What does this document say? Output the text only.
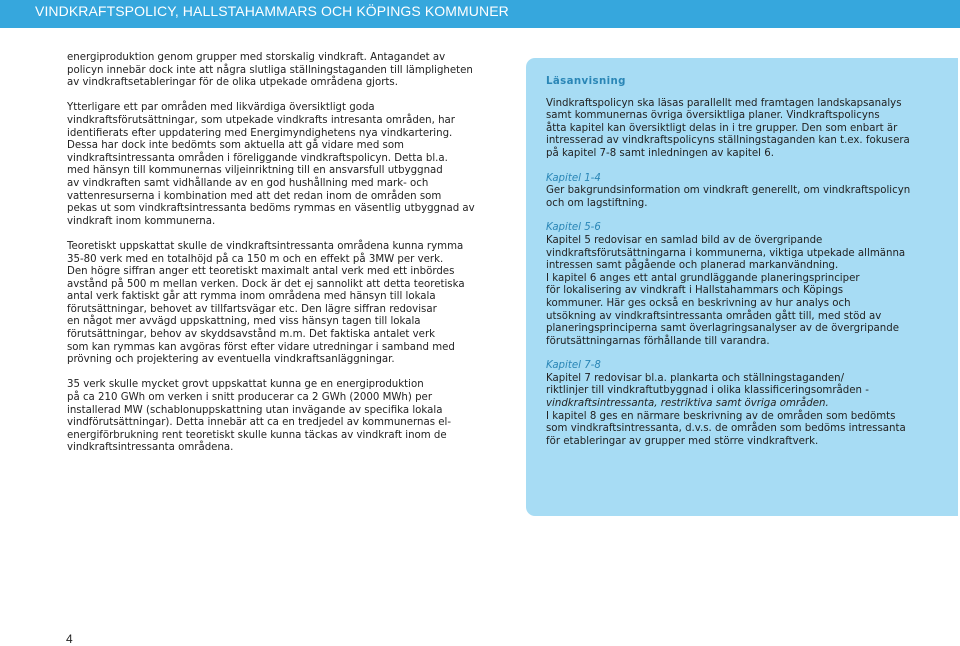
VINDKRAFTSPOLICY, HALLSTAHAMMARS OCH KÖPINGS KOMMUNER

energiproduktion genom grupper med storskalig vindkraft. Antagandet av
policyn innebär dock inte att några slutliga ställningstaganden till lämpligheten
av vindkraftsetableringar för de olika utpekade områdena gjorts.

Ytterligare ett par områden med likvärdiga översiktligt goda
vindkraftsförutsättningar, som utpekade vindkrafts intresanta områden, har
identifierats efter uppdatering med Energimyndighetens nya vindkartering.
Dessa har dock inte bedömts som aktuella att gå vidare med som
vindkraftsintressanta områden i föreliggande vindkraftspolicyn. Detta bl.a.
med hänsyn till kommunernas viljeinriktning till en ansvarsfull utbyggnad
av vindkraften samt vidhållande av en god hushållning med mark- och
vattenresurserna i kombination med att det redan inom de områden som
pekas ut som vindkraftsintressanta bedöms rymmas en väsentlig utbyggnad av
vindkraft inom kommunerna.

Teoretiskt uppskattat skulle de vindkraftsintressanta områdena kunna rymma
35-80 verk med en totalhöjd på ca 150 m och en effekt på 3MW per verk.
Den högre siffran anger ett teoretiskt maximalt antal verk med ett inbördes
avstånd på 500 m mellan verken. Dock är det ej sannolikt att detta teoretiska
antal verk faktiskt går att rymma inom områdena med hänsyn till lokala
förutsättningar, behovet av tillfartsvägar etc. Den lägre siffran redovisar
en något mer avvägd uppskattning, med viss hänsyn tagen till lokala
förutsättningar, behov av skyddsavstånd m.m. Det faktiska antalet verk
som kan rymmas kan avgöras först efter vidare utredningar i samband med
prövning och projektering av eventuella vindkraftsanläggningar.

35 verk skulle mycket grovt uppskattat kunna ge en energiproduktion
på ca 210 GWh om verken i snitt producerar ca 2 GWh (2000 MWh) per
installerad MW (schablonuppskattning utan invägande av specifika lokala
vindförutsättningar). Detta innebär att ca en tredjedel av kommunernas el-
energiförbrukning rent teoretiskt skulle kunna täckas av vindkraft inom de
vindkraftsintressanta områdena.

Läsanvisning

Vindkraftspolicyn ska läsas parallellt med framtagen landskapsanalys
samt kommunernas övriga översiktliga planer. Vindkraftspolicyns
åtta kapitel kan översiktligt delas in i tre grupper. Den som enbart är
intresserad av vindkraftspolicyns ställningstaganden kan t.ex. fokusera
på kapitel 7-8 samt inledningen av kapitel 6.

Kapitel 1-4
Ger bakgrundsinformation om vindkraft generellt, om vindkraftspolicyn
och om lagstiftning.

Kapitel 5-6
Kapitel 5 redovisar en samlad bild av de övergripande
vindkraftsförutsättningarna i kommunerna, viktiga utpekade allmänna
intressen samt pågående och planerad markanvändning.
I kapitel 6 anges ett antal grundläggande planeringsprinciper
för lokalisering av vindkraft i Hallstahammars och Köpings
kommuner. Här ges också en beskrivning av hur analys och
utsökning av vindkraftsintressanta områden gått till, med stöd av
planeringsprinciperna samt överlagringsanalyser av de övergripande
förutsättningarnas förhållande till varandra.

Kapitel 7-8
Kapitel 7 redovisar bl.a. plankarta och ställningstaganden/
riktlinjer till vindkraftutbyggnad i olika klassificeringsområden -
vindkraftsintressanta, restriktiva samt övriga områden.
I kapitel 8 ges en närmare beskrivning av de områden som bedömts
som vindkraftsintressanta, d.v.s. de områden som bedöms intressanta
för etableringar av grupper med större vindkraftverk.

4
